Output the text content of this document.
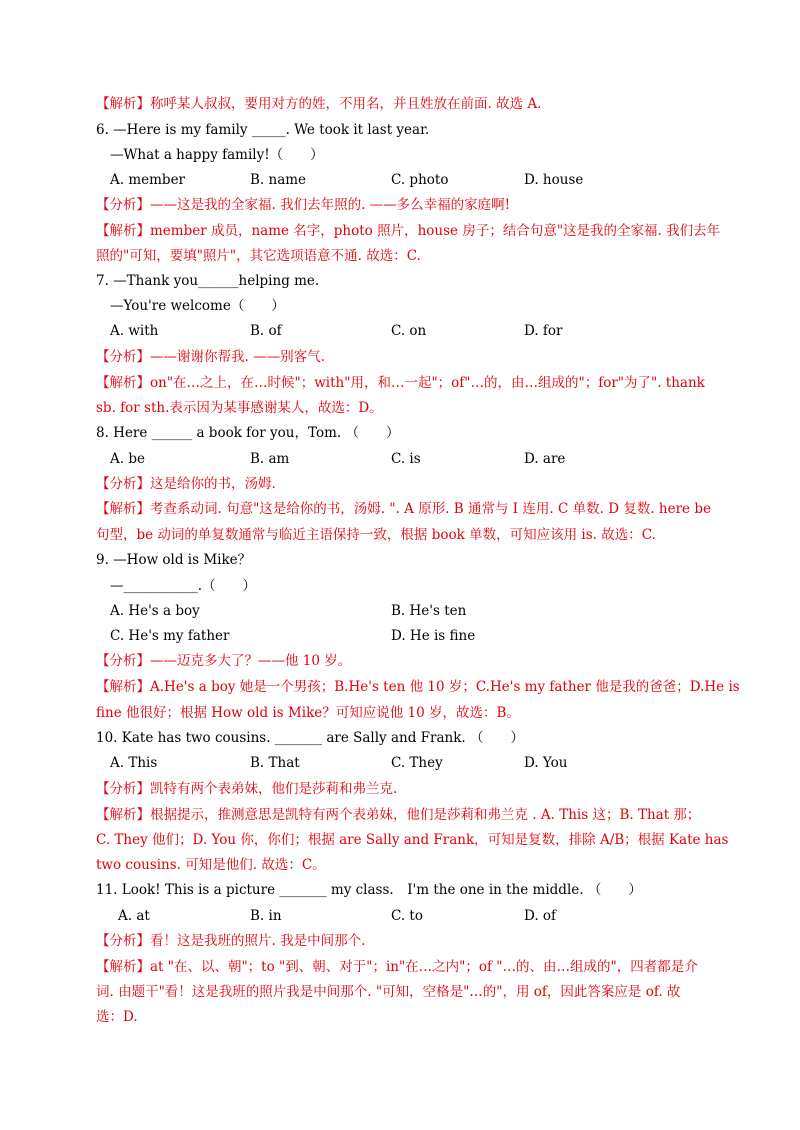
【解析】称呼某人叔叔，要用对方的姓，不用名，并且姓放在前面. 故选 A.
6. —Here is my family _____. We took it last year.
—What a happy family!（　　）
A. member	B. name	C. photo	D. house
【分析】——这是我的全家福. 我们去年照的. ——多么幸福的家庭啊!
【解析】member 成员，name 名字，photo 照片，house 房子；结合句意"这是我的全家福. 我们去年
照的"可知，要填"照片"，其它选项语意不通. 故选：C.
7. —Thank you______helping me.
—You're welcome（　　）
A. with	B. of	C. on	D. for
【分析】——谢谢你帮我. ——别客气.
【解析】on"在…之上，在…时候"；with"用，和…一起"；of"…的，由…组成的"；for"为了". thank
sb. for sth.表示因为某事感谢某人，故选：D。
8. Here ______ a book for you，Tom. （　　）
A. be	B. am	C. is	D. are
【分析】这是给你的书，汤姆.
【解析】考查系动词. 句意"这是给你的书，汤姆. ". A 原形. B 通常与 I 连用. C 单数. D 复数. here be
句型，be 动词的单复数通常与临近主语保持一致，根据 book 单数，可知应该用 is. 故选：C.
9. —How old is Mike？
—___________.（　　）
A. He's a boy	B. He's ten
C. He's my father	D. He is fine
【分析】——迈克多大了？——他 10 岁。
【解析】A.He's a boy 她是一个男孩；B.He's ten 他 10 岁；C.He's my father 他是我的爸爸；D.He is
fine 他很好；根据 How old is Mike？可知应说他 10 岁，故选：B。
10. Kate has two cousins. _______ are Sally and Frank. （　　）
A. This	B. That	C. They	D. You
【分析】凯特有两个表弟妹，他们是莎莉和弗兰克.
【解析】根据提示，推测意思是凯特有两个表弟妹，他们是莎莉和弗兰克 . A. This 这；B. That 那；
C. They 他们；D. You 你，你们；根据 are Sally and Frank，可知是复数，排除 A/B；根据 Kate has
two cousins. 可知是他们. 故选：C。
11. Look! This is a picture _______ my class.　I'm the one in the middle. （　　）
A. at	B. in	C. to	D. of
【分析】看！这是我班的照片. 我是中间那个.
【解析】at "在、以、朝"；to "到、朝、对于"；in"在…之内"；of "…的、由…组成的"，四者都是介
词. 由题干"看！这是我班的照片我是中间那个. "可知，空格是"…的"，用 of，因此答案应是 of. 故
选：D.
